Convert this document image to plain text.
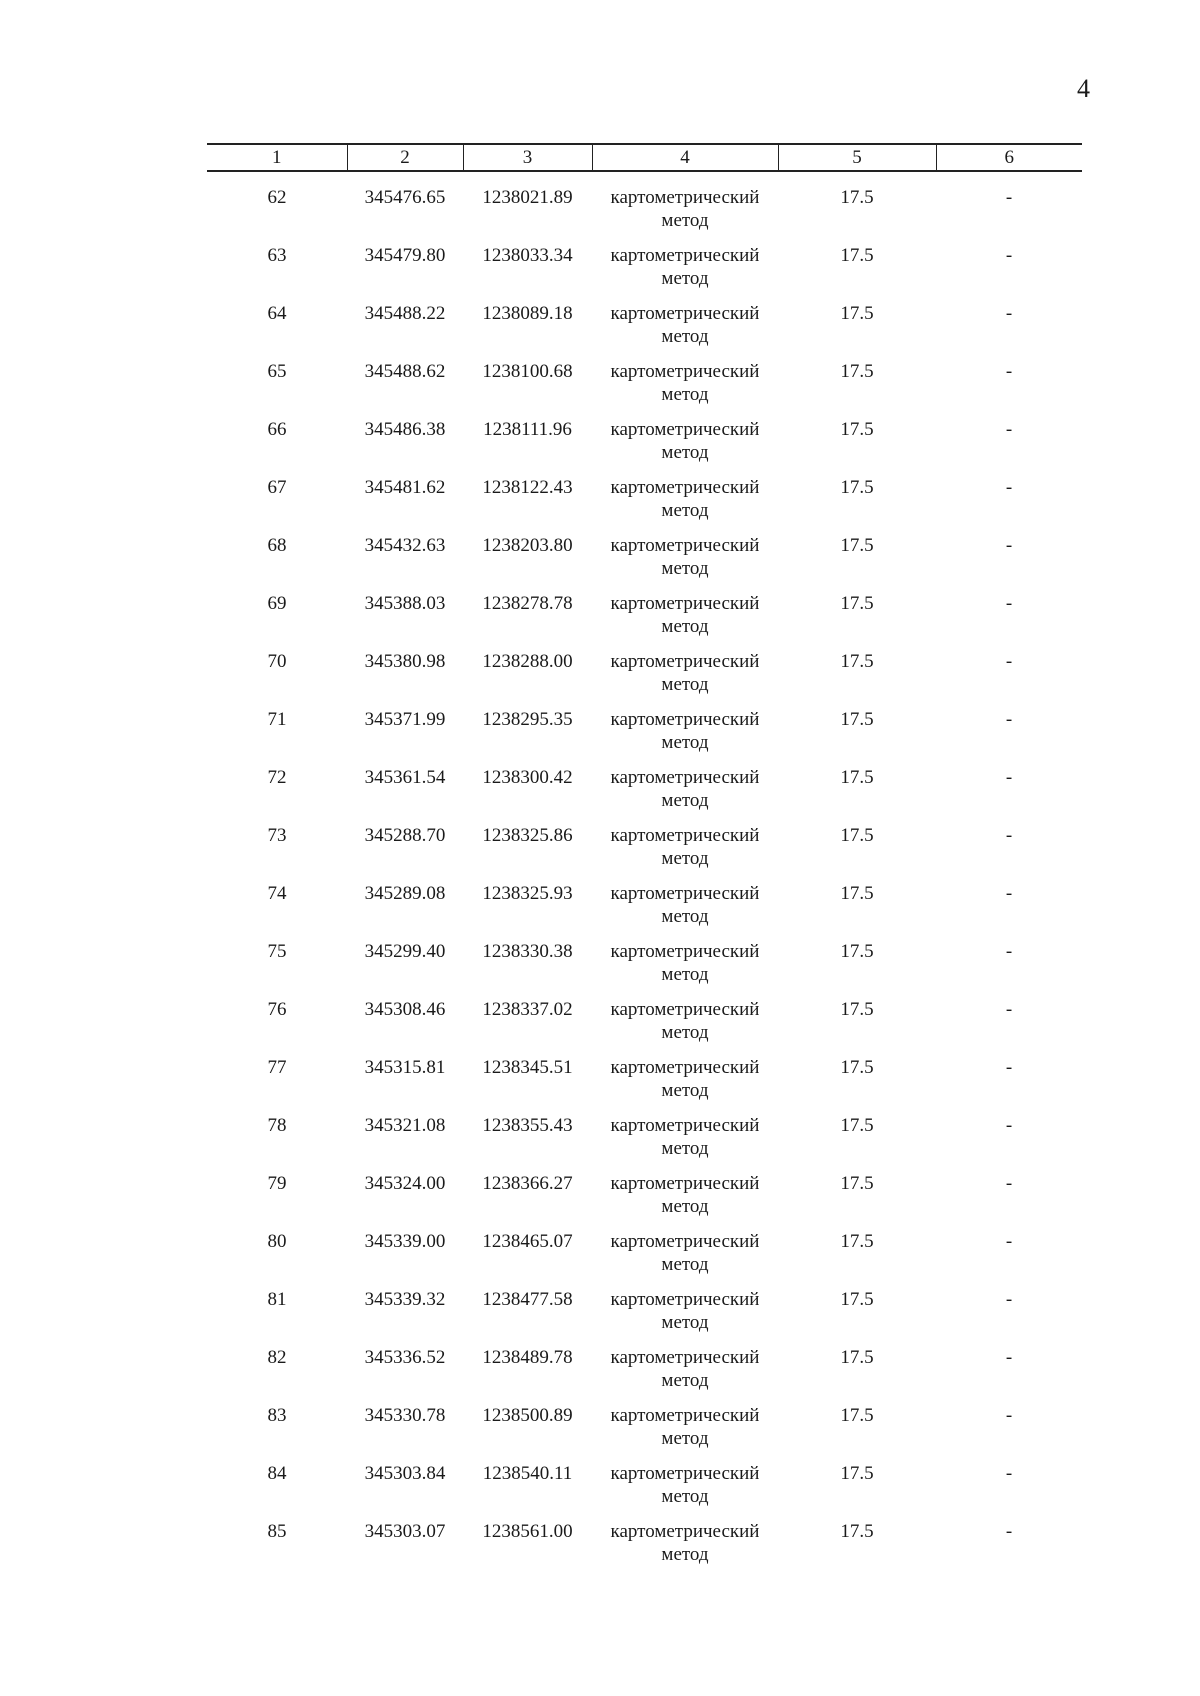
4
1	2	3	4	5	6
62	345476.65	1238021.89	картометрический
метод	17.5	-
63	345479.80	1238033.34	картометрический
метод	17.5	-
64	345488.22	1238089.18	картометрический
метод	17.5	-
65	345488.62	1238100.68	картометрический
метод	17.5	-
66	345486.38	1238111.96	картометрический
метод	17.5	-
67	345481.62	1238122.43	картометрический
метод	17.5	-
68	345432.63	1238203.80	картометрический
метод	17.5	-
69	345388.03	1238278.78	картометрический
метод	17.5	-
70	345380.98	1238288.00	картометрический
метод	17.5	-
71	345371.99	1238295.35	картометрический
метод	17.5	-
72	345361.54	1238300.42	картометрический
метод	17.5	-
73	345288.70	1238325.86	картометрический
метод	17.5	-
74	345289.08	1238325.93	картометрический
метод	17.5	-
75	345299.40	1238330.38	картометрический
метод	17.5	-
76	345308.46	1238337.02	картометрический
метод	17.5	-
77	345315.81	1238345.51	картометрический
метод	17.5	-
78	345321.08	1238355.43	картометрический
метод	17.5	-
79	345324.00	1238366.27	картометрический
метод	17.5	-
80	345339.00	1238465.07	картометрический
метод	17.5	-
81	345339.32	1238477.58	картометрический
метод	17.5	-
82	345336.52	1238489.78	картометрический
метод	17.5	-
83	345330.78	1238500.89	картометрический
метод	17.5	-
84	345303.84	1238540.11	картометрический
метод	17.5	-
85	345303.07	1238561.00	картометрический
метод	17.5	-
